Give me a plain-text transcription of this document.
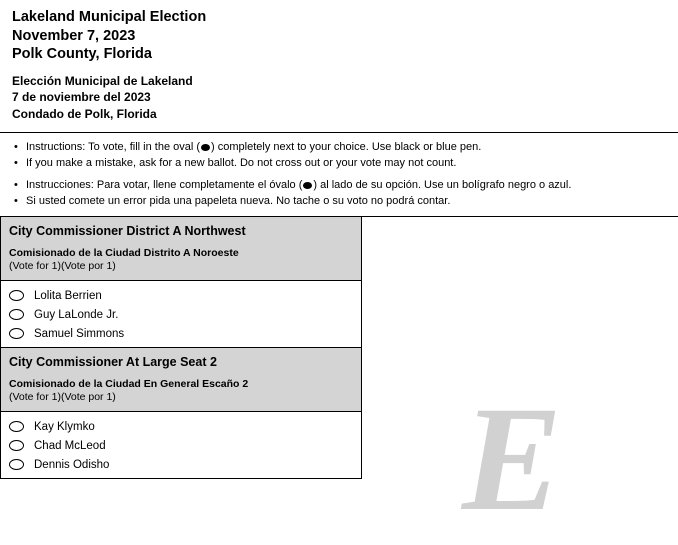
Lakeland Municipal Election
November 7, 2023
Polk County, Florida
Elección Municipal de Lakeland
7 de noviembre del 2023
Condado de Polk, Florida
• Instructions: To vote, fill in the oval ( ) completely next to your choice. Use black or blue pen.
• If you make a mistake, ask for a new ballot. Do not cross out or your vote may not count.
• Instrucciones: Para votar, llene completamente el óvalo ( ) al lado de su opción. Use un bolígrafo negro o azul.
• Si usted comete un error pida una papeleta nueva. No tache o su voto no podrá contar.
City Commissioner District A Northwest
Comisionado de la Ciudad Distrito A Noroeste
(Vote for 1)(Vote por 1)
Lolita Berrien
Guy LaLonde Jr.
Samuel Simmons
City Commissioner At Large Seat 2
Comisionado de la Ciudad En General Escaño 2
(Vote for 1)(Vote por 1)
Kay Klymko
Chad McLeod
Dennis Odisho E
